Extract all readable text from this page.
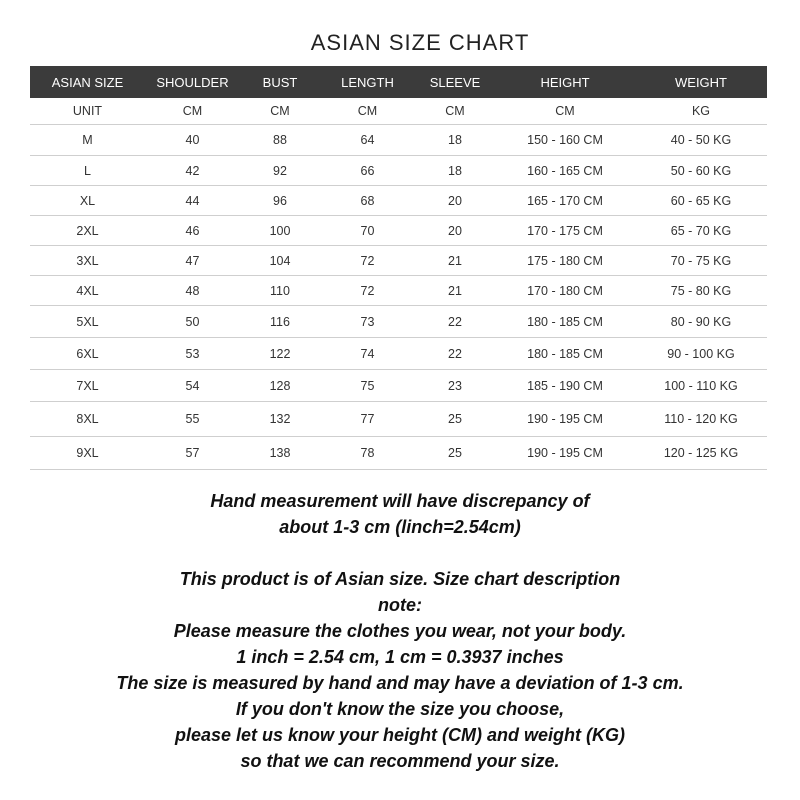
ASIAN SIZE CHART
ASIAN SIZE	SHOULDER	BUST	LENGTH	SLEEVE	HEIGHT	WEIGHT
UNIT	CM	CM	CM	CM	CM	KG
M	40	88	64	18	150 - 160 CM	40 - 50 KG
L	42	92	66	18	160 - 165 CM	50 - 60 KG
XL	44	96	68	20	165 - 170 CM	60 - 65 KG
2XL	46	100	70	20	170 - 175 CM	65 - 70 KG
3XL	47	104	72	21	175 - 180 CM	70 - 75 KG
4XL	48	110	72	21	170 - 180 CM	75 - 80 KG
5XL	50	116	73	22	180 - 185 CM	80 - 90 KG
6XL	53	122	74	22	180 - 185 CM	90 - 100 KG
7XL	54	128	75	23	185 - 190 CM	100 - 110 KG
8XL	55	132	77	25	190 - 195 CM	110 - 120 KG
9XL	57	138	78	25	190 - 195 CM	120 - 125 KG

Hand measurement will have discrepancy of

about 1-3 cm (linch=2.54cm)

This product is of Asian size. Size chart description

note:

Please measure the clothes you wear, not your body.

1 inch = 2.54 cm, 1 cm = 0.3937 inches

The size is measured by hand and may have a deviation of 1-3 cm.

If you don't know the size you choose,

please let us know your height (CM) and weight (KG)

so that we can recommend your size.
